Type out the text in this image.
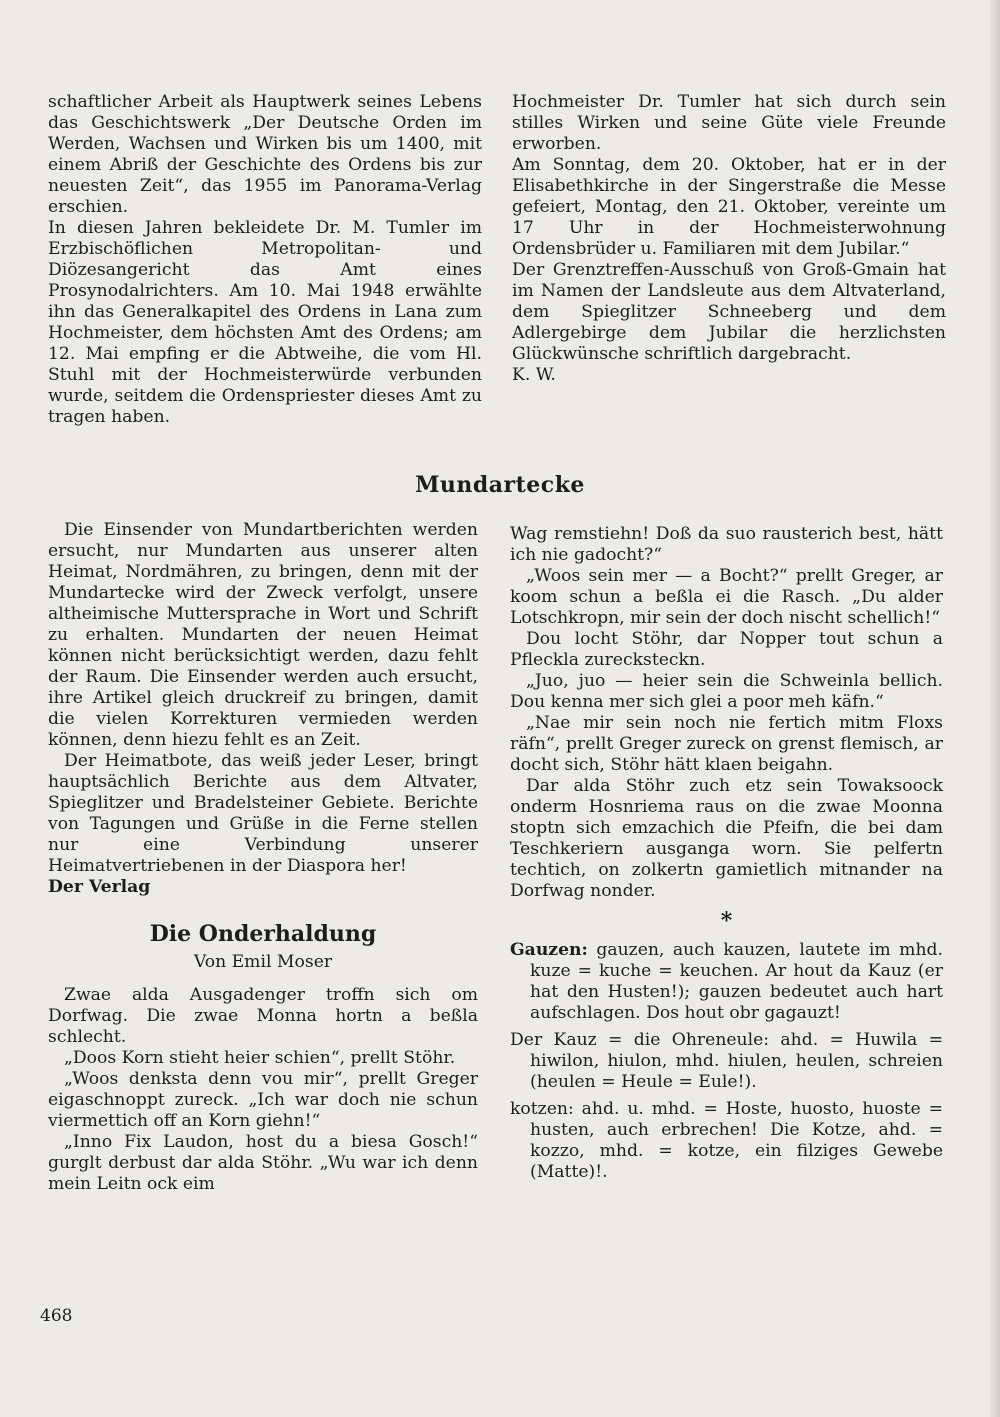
schaftlicher Arbeit als Hauptwerk seines Lebens das Geschichtswerk „Der Deutsche Orden im Werden, Wachsen und Wirken bis um 1400, mit einem Abriß der Geschichte des Ordens bis zur neuesten Zeit“, das 1955 im Panorama-Verlag erschien.

In diesen Jahren bekleidete Dr. M. Tumler im Erzbischöflichen Metropolitan- und Diözesangericht das Amt eines Prosynodalrichters. Am 10. Mai 1948 erwählte ihn das Generalkapitel des Ordens in Lana zum Hochmeister, dem höchsten Amt des Ordens; am 12. Mai empfing er die Abtweihe, die vom Hl. Stuhl mit der Hochmeisterwürde verbunden wurde, seitdem die Ordenspriester dieses Amt zu tragen haben.

Hochmeister Dr. Tumler hat sich durch sein stilles Wirken und seine Güte viele Freunde erworben.

Am Sonntag, dem 20. Oktober, hat er in der Elisabethkirche in der Singerstraße die Messe gefeiert, Montag, den 21. Oktober, vereinte um 17 Uhr in der Hochmeisterwohnung Ordensbrüder u. Familiaren mit dem Jubilar.“

Der Grenztreffen-Ausschuß von Groß-Gmain hat im Namen der Landsleute aus dem Altvaterland, dem Spieglitzer Schneeberg und dem Adlergebirge dem Jubilar die herzlichsten Glückwünsche schriftlich dargebracht.

K. W.

Mundartecke

Die Einsender von Mundartberichten werden ersucht, nur Mundarten aus unserer alten Heimat, Nordmähren, zu bringen, denn mit der Mundartecke wird der Zweck verfolgt, unsere altheimische Muttersprache in Wort und Schrift zu erhalten. Mundarten der neuen Heimat können nicht berücksichtigt werden, dazu fehlt der Raum. Die Einsender werden auch ersucht, ihre Artikel gleich druckreif zu bringen, damit die vielen Korrekturen vermieden werden können, denn hiezu fehlt es an Zeit.

Der Heimatbote, das weiß jeder Leser, bringt hauptsächlich Berichte aus dem Altvater, Spieglitzer und Bradelsteiner Gebiete. Berichte von Tagungen und Grüße in die Ferne stellen nur eine Verbindung unserer Heimatvertriebenen in der Diaspora her!

Der Verlag

Die Onderhaldung
Von Emil Moser

Zwae alda Ausgadenger troffn sich om Dorfwag. Die zwae Monna hortn a beßla schlecht.

„Doos Korn stieht heier schien“, prellt Stöhr.

„Woos denksta denn vou mir“, prellt Greger eigaschnoppt zureck. „Ich war doch nie schun viermettich off an Korn giehn!“

„Inno Fix Laudon, host du a biesa Gosch!“ gurglt derbust dar alda Stöhr. „Wu war ich denn mein Leitn ock eim

Wag remstiehn! Doß da suo rausterich best, hätt ich nie gadocht?“

„Woos sein mer — a Bocht?“ prellt Greger, ar koom schun a beßla ei die Rasch. „Du alder Lotschkropn, mir sein der doch nischt schellich!“

Dou locht Stöhr, dar Nopper tout schun a Pfleckla zurecksteckn.

„Juo, juo — heier sein die Schweinla bellich. Dou kenna mer sich glei a poor meh käfn.“

„Nae mir sein noch nie fertich mitm Floxs räfn“, prellt Greger zureck on grenst flemisch, ar docht sich, Stöhr hätt klaen beigahn.

Dar alda Stöhr zuch etz sein Towaksoock onderm Hosnriema raus on die zwae Moonna stoptn sich emzachich die Pfeifn, die bei dam Teschkeriern ausganga worn. Sie pelfertn techtich, on zolkertn gamietlich mitnander na Dorfwag nonder.

*

Gauzen: gauzen, auch kauzen, lautete im mhd. kuze = kuche = keuchen. Ar hout da Kauz (er hat den Husten!); gauzen bedeutet auch hart aufschlagen. Dos hout obr gagauzt!

Der Kauz = die Ohreneule: ahd. = Huwila = hiwilon, hiulon, mhd. hiulen, heulen, schreien (heulen = Heule = Eule!).

kotzen: ahd. u. mhd. = Hoste, huosto, huoste = husten, auch erbrechen! Die Kotze, ahd. = kozzo, mhd. = kotze, ein filziges Gewebe (Matte)!.

468
